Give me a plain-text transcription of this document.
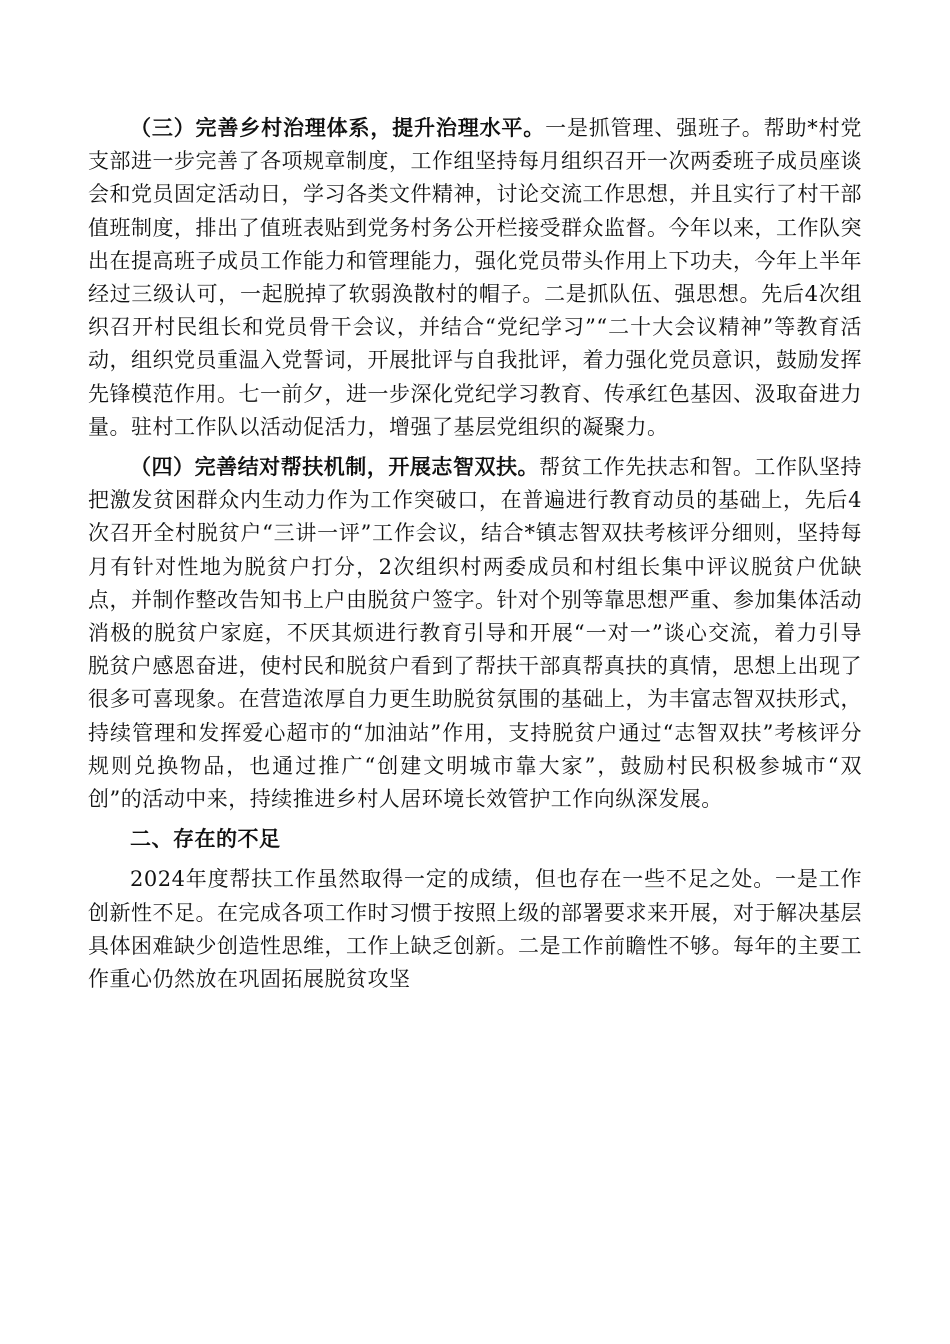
（三）完善乡村治理体系，提升治理水平。一是抓管理、强班子。帮助*村党支部进一步完善了各项规章制度，工作组坚持每月组织召开一次两委班子成员座谈会和党员固定活动日，学习各类文件精神，讨论交流工作思想，并且实行了村干部值班制度，排出了值班表贴到党务村务公开栏接受群众监督。今年以来，工作队突出在提高班子成员工作能力和管理能力，强化党员带头作用上下功夫，今年上半年经过三级认可，一起脱掉了软弱涣散村的帽子。二是抓队伍、强思想。先后4次组织召开村民组长和党员骨干会议，并结合“党纪学习”“二十大会议精神”等教育活动，组织党员重温入党誓词，开展批评与自我批评，着力强化党员意识，鼓励发挥先锋模范作用。七一前夕，进一步深化党纪学习教育、传承红色基因、汲取奋进力量。驻村工作队以活动促活力，增强了基层党组织的凝聚力。

（四）完善结对帮扶机制，开展志智双扶。帮贫工作先扶志和智。工作队坚持把激发贫困群众内生动力作为工作突破口，在普遍进行教育动员的基础上，先后4次召开全村脱贫户“三讲一评”工作会议，结合*镇志智双扶考核评分细则，坚持每月有针对性地为脱贫户打分，2次组织村两委成员和村组长集中评议脱贫户优缺点，并制作整改告知书上户由脱贫户签字。针对个别等靠思想严重、参加集体活动消极的脱贫户家庭，不厌其烦进行教育引导和开展“一对一”谈心交流，着力引导脱贫户感恩奋进，使村民和脱贫户看到了帮扶干部真帮真扶的真情，思想上出现了很多可喜现象。在营造浓厚自力更生助脱贫氛围的基础上，为丰富志智双扶形式，持续管理和发挥爱心超市的“加油站”作用，支持脱贫户通过“志智双扶”考核评分规则兑换物品，也通过推广“创建文明城市靠大家”，鼓励村民积极参城市“双创”的活动中来，持续推进乡村人居环境长效管护工作向纵深发展。

二、存在的不足

2024年度帮扶工作虽然取得一定的成绩，但也存在一些不足之处。一是工作创新性不足。在完成各项工作时习惯于按照上级的部署要求来开展，对于解决基层具体困难缺少创造性思维，工作上缺乏创新。二是工作前瞻性不够。每年的主要工作重心仍然放在巩固拓展脱贫攻坚
